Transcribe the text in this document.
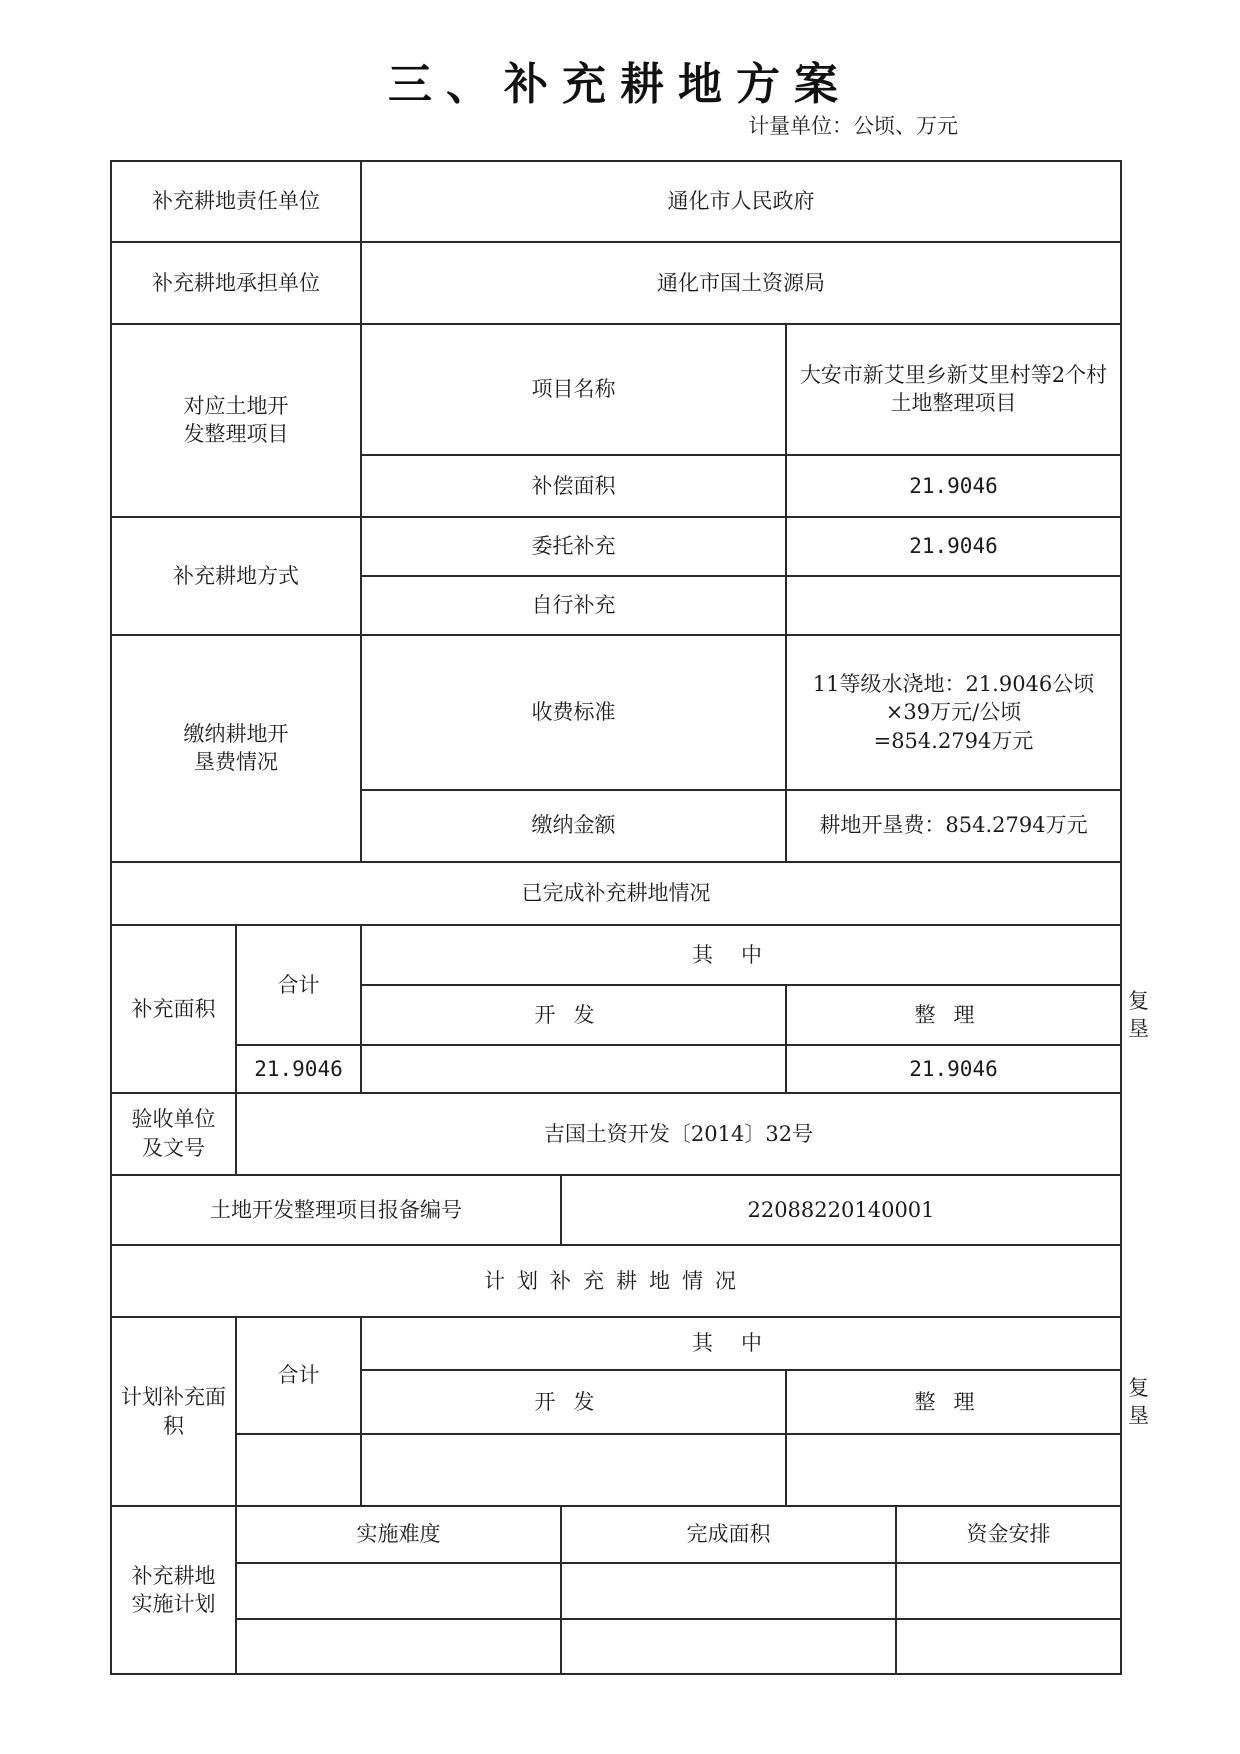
三、补充耕地方案
计量单位：公顷、万元
补充耕地责任单位		通化市人民政府				
补充耕地承担单位		通化市国土资源局				
对应土地开
发整理项目		项目名称		大安市新艾里乡新艾里村等2个村土地整理项目		
		补偿面积		21.9046		
补充耕地方式		委托补充		21.9046		
		自行补充				
缴纳耕地开
垦费情况		收费标准		11等级水浇地：21.9046公顷×39万元/公顷
=854.2794万元		
		缴纳金额		耕地开垦费：854.2794万元		
已完成补充耕地情况						
补充面积	合计	其中				
		开发		整理		复垦
	21.9046			21.9046		
验收单位
及文号	吉国土资开发〔2014〕32号					
土地开发整理项目报备编号			22088220140001			
计划补充耕地情况						
计划补充面
积	合计	其中				
		开发		整理		复垦

补充耕地
实施计划	实施难度		完成面积		资金安排	
